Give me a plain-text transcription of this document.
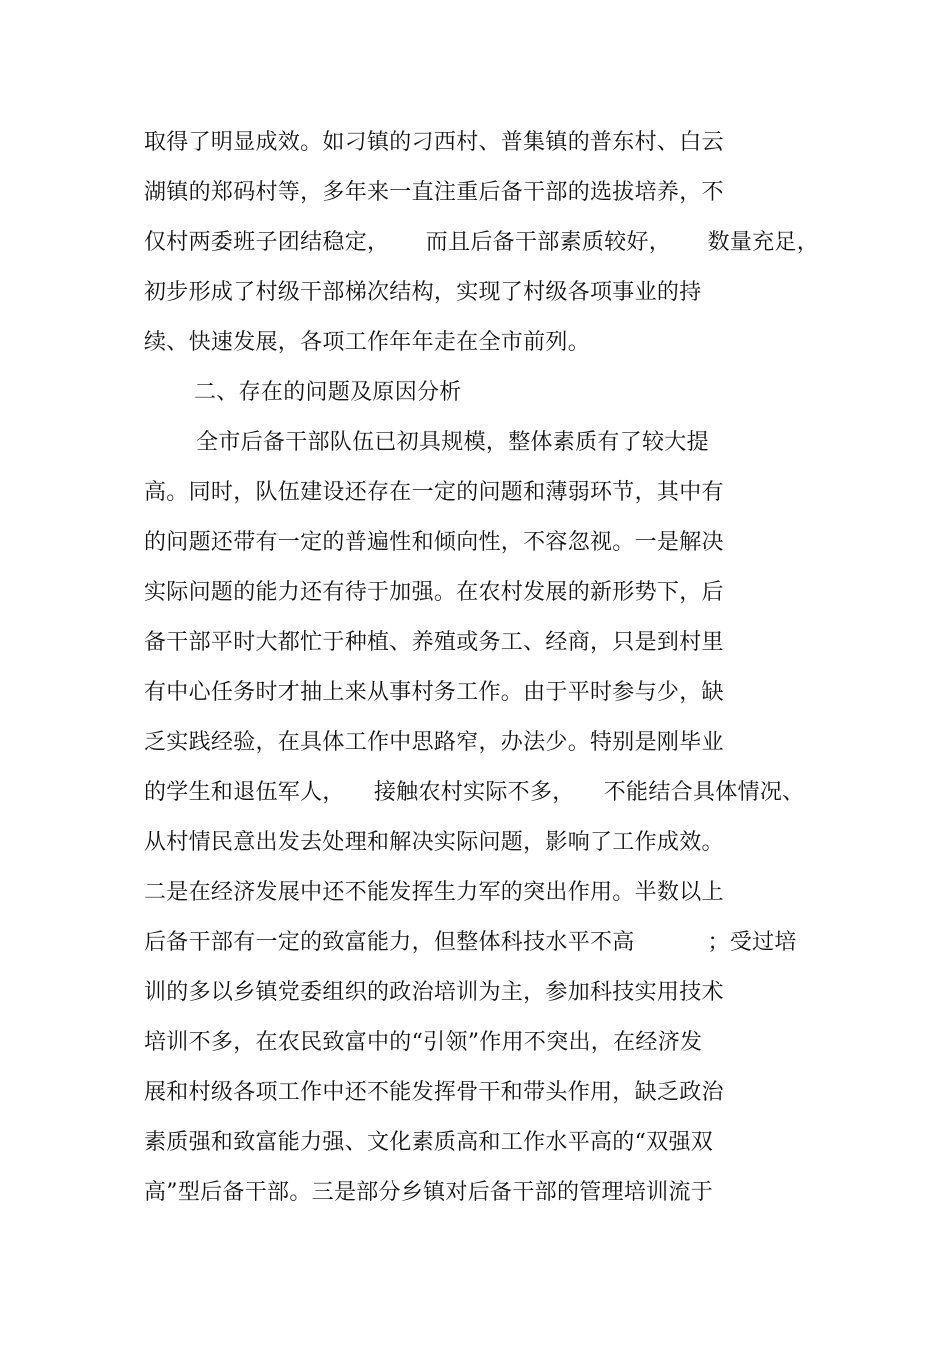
取得了明显成效。如刁镇的刁西村、普集镇的普东村、白云
湖镇的郑码村等，多年来一直注重后备干部的选拔培养，不
仅村两委班子团结稳定，     而且后备干部素质较好，     数量充足，
初步形成了村级干部梯次结构，实现了村级各项事业的持
续、快速发展，各项工作年年走在全市前列。
二、存在的问题及原因分析
全市后备干部队伍已初具规模，整体素质有了较大提
高。同时，队伍建设还存在一定的问题和薄弱环节，其中有
的问题还带有一定的普遍性和倾向性，不容忽视。一是解决
实际问题的能力还有待于加强。在农村发展的新形势下，后
备干部平时大都忙于种植、养殖或务工、经商，只是到村里
有中心任务时才抽上来从事村务工作。由于平时参与少，缺
乏实践经验，在具体工作中思路窄，办法少。特别是刚毕业
的学生和退伍军人，    接触农村实际不多，    不能结合具体情况、
从村情民意出发去处理和解决实际问题，影响了工作成效。
二是在经济发展中还不能发挥生力军的突出作用。半数以上
后备干部有一定的致富能力，但整体科技水平不高          ；受过培
训的多以乡镇党委组织的政治培训为主，参加科技实用技术
培训不多，在农民致富中的“引领”作用不突出，在经济发
展和村级各项工作中还不能发挥骨干和带头作用，缺乏政治
素质强和致富能力强、文化素质高和工作水平高的“双强双
高”型后备干部。三是部分乡镇对后备干部的管理培训流于
